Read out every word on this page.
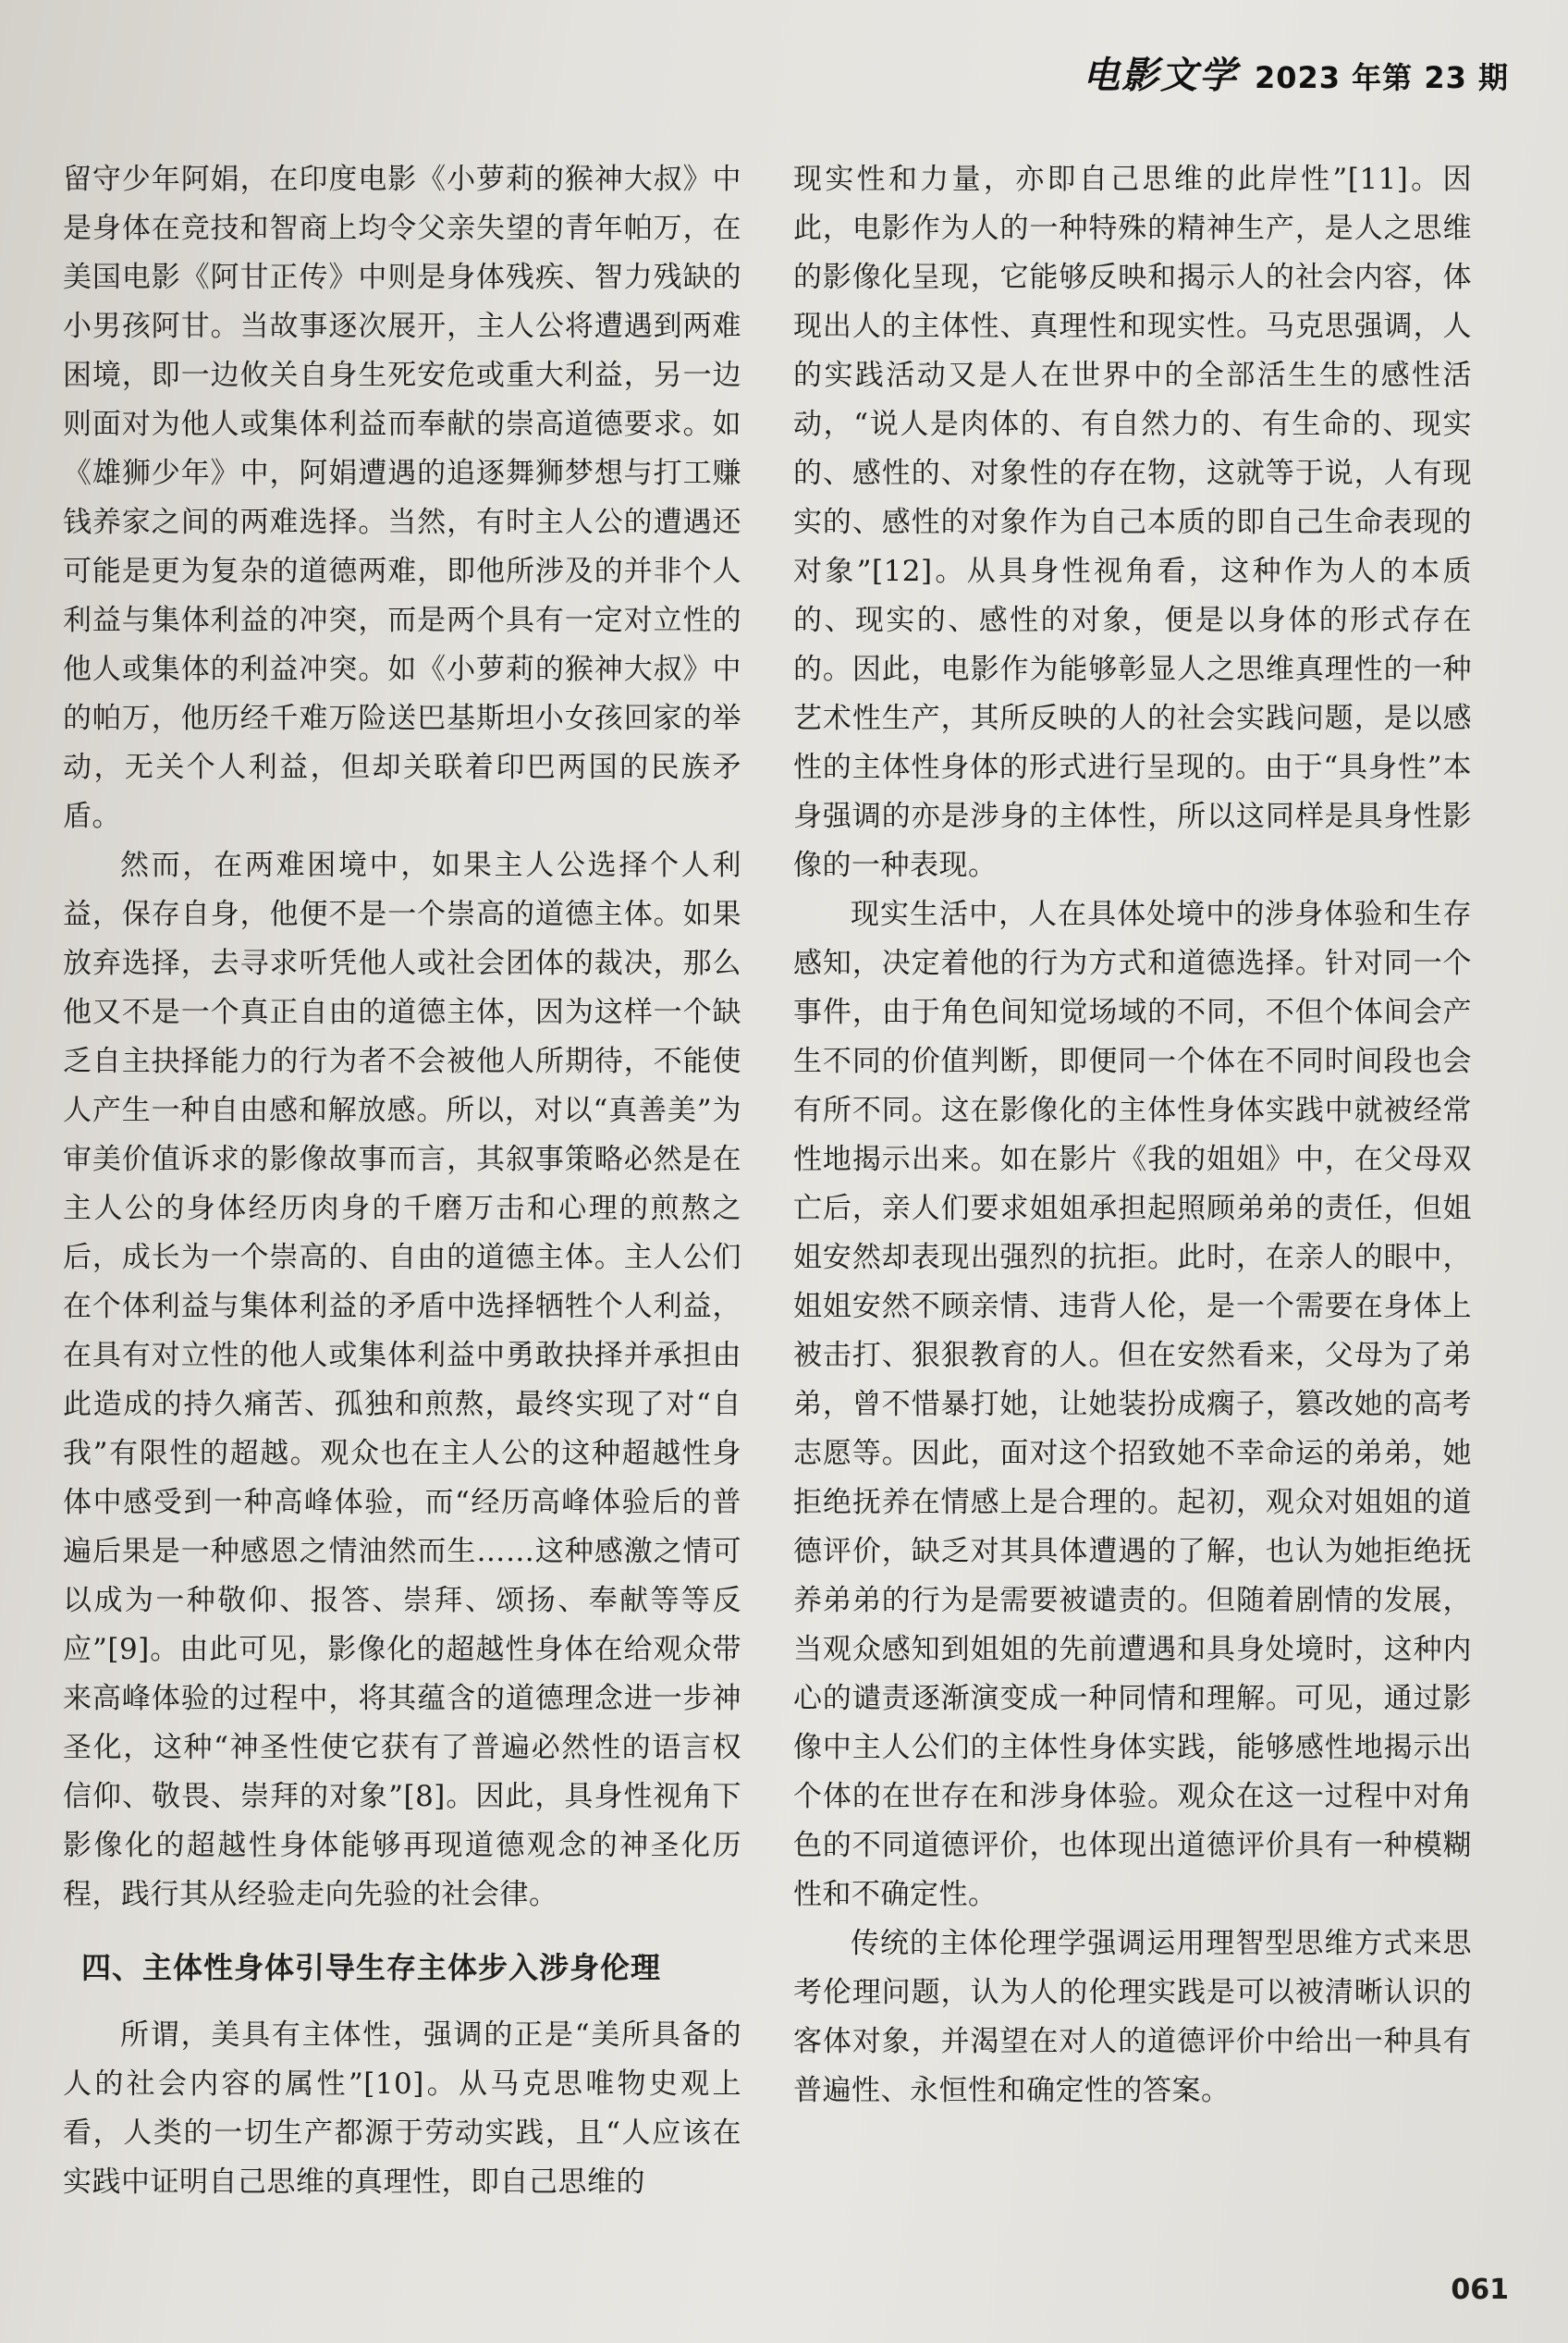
电影文学 2023 年第 23 期

留守少年阿娟，在印度电影《小萝莉的猴神大叔》中是身体在竞技和智商上均令父亲失望的青年帕万，在美国电影《阿甘正传》中则是身体残疾、智力残缺的小男孩阿甘。当故事逐次展开，主人公将遭遇到两难困境，即一边攸关自身生死安危或重大利益，另一边则面对为他人或集体利益而奉献的崇高道德要求。如《雄狮少年》中，阿娟遭遇的追逐舞狮梦想与打工赚钱养家之间的两难选择。当然，有时主人公的遭遇还可能是更为复杂的道德两难，即他所涉及的并非个人利益与集体利益的冲突，而是两个具有一定对立性的他人或集体的利益冲突。如《小萝莉的猴神大叔》中的帕万，他历经千难万险送巴基斯坦小女孩回家的举动，无关个人利益，但却关联着印巴两国的民族矛盾。

然而，在两难困境中，如果主人公选择个人利益，保存自身，他便不是一个崇高的道德主体。如果放弃选择，去寻求听凭他人或社会团体的裁决，那么他又不是一个真正自由的道德主体，因为这样一个缺乏自主抉择能力的行为者不会被他人所期待，不能使人产生一种自由感和解放感。所以，对以“真善美”为审美价值诉求的影像故事而言，其叙事策略必然是在主人公的身体经历肉身的千磨万击和心理的煎熬之后，成长为一个崇高的、自由的道德主体。主人公们在个体利益与集体利益的矛盾中选择牺牲个人利益，在具有对立性的他人或集体利益中勇敢抉择并承担由此造成的持久痛苦、孤独和煎熬，最终实现了对“自我”有限性的超越。观众也在主人公的这种超越性身体中感受到一种高峰体验，而“经历高峰体验后的普遍后果是一种感恩之情油然而生……这种感激之情可以成为一种敬仰、报答、崇拜、颂扬、奉献等等反应”[9]。由此可见，影像化的超越性身体在给观众带来高峰体验的过程中，将其蕴含的道德理念进一步神圣化，这种“神圣性使它获有了普遍必然性的语言权信仰、敬畏、崇拜的对象”[8]。因此，具身性视角下影像化的超越性身体能够再现道德观念的神圣化历程，践行其从经验走向先验的社会律。

四、主体性身体引导生存主体步入涉身伦理

所谓，美具有主体性，强调的正是“美所具备的人的社会内容的属性”[10]。从马克思唯物史观上看，人类的一切生产都源于劳动实践，且“人应该在实践中证明自己思维的真理性，即自己思维的

现实性和力量，亦即自己思维的此岸性”[11]。因此，电影作为人的一种特殊的精神生产，是人之思维的影像化呈现，它能够反映和揭示人的社会内容，体现出人的主体性、真理性和现实性。马克思强调，人的实践活动又是人在世界中的全部活生生的感性活动，“说人是肉体的、有自然力的、有生命的、现实的、感性的、对象性的存在物，这就等于说，人有现实的、感性的对象作为自己本质的即自己生命表现的对象”[12]。从具身性视角看，这种作为人的本质的、现实的、感性的对象，便是以身体的形式存在的。因此，电影作为能够彰显人之思维真理性的一种艺术性生产，其所反映的人的社会实践问题，是以感性的主体性身体的形式进行呈现的。由于“具身性”本身强调的亦是涉身的主体性，所以这同样是具身性影像的一种表现。

现实生活中，人在具体处境中的涉身体验和生存感知，决定着他的行为方式和道德选择。针对同一个事件，由于角色间知觉场域的不同，不但个体间会产生不同的价值判断，即便同一个体在不同时间段也会有所不同。这在影像化的主体性身体实践中就被经常性地揭示出来。如在影片《我的姐姐》中，在父母双亡后，亲人们要求姐姐承担起照顾弟弟的责任，但姐姐安然却表现出强烈的抗拒。此时，在亲人的眼中，姐姐安然不顾亲情、违背人伦，是一个需要在身体上被击打、狠狠教育的人。但在安然看来，父母为了弟弟，曾不惜暴打她，让她装扮成瘸子，篡改她的高考志愿等。因此，面对这个招致她不幸命运的弟弟，她拒绝抚养在情感上是合理的。起初，观众对姐姐的道德评价，缺乏对其具体遭遇的了解，也认为她拒绝抚养弟弟的行为是需要被谴责的。但随着剧情的发展，当观众感知到姐姐的先前遭遇和具身处境时，这种内心的谴责逐渐演变成一种同情和理解。可见，通过影像中主人公们的主体性身体实践，能够感性地揭示出个体的在世存在和涉身体验。观众在这一过程中对角色的不同道德评价，也体现出道德评价具有一种模糊性和不确定性。

传统的主体伦理学强调运用理智型思维方式来思考伦理问题，认为人的伦理实践是可以被清晰认识的客体对象，并渴望在对人的道德评价中给出一种具有普遍性、永恒性和确定性的答案。

061
